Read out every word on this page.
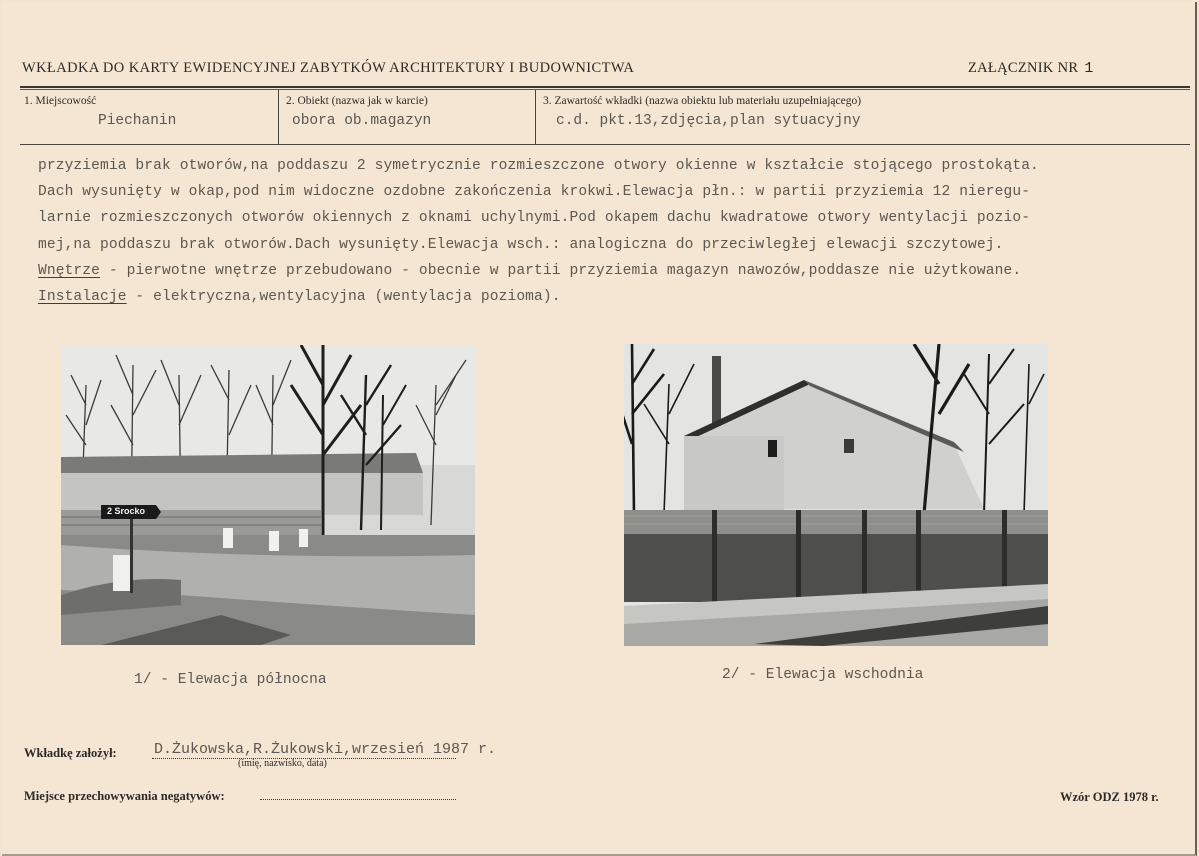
WKŁADKA DO KARTY EWIDENCYJNEJ ZABYTKÓW ARCHITEKTURY I BUDOWNICTWA	ZAŁĄCZNIK NR 1
1. Miejscowość
Piechanin
2. Obiekt (nazwa jak w karcie)
obora ob.magazyn
3. Zawartość wkładki (nazwa obiektu lub materiału uzupełniającego)
c.d. pkt.13,zdjęcia,plan sytuacyjny
przyziemia brak otworów,na poddaszu 2 symetrycznie rozmieszczone otwory okienne w kształcie stojącego prostokąta.
Dach wysunięty w okap,pod nim widoczne ozdobne zakończenia krokwi.Elewacja płn.: w partii przyziemia 12 nieregu-
larnie rozmieszczonych otworów okiennych z oknami uchylnymi.Pod okapem dachu kwadratowe otwory wentylacji pozio-
mej,na poddaszu brak otworów.Dach wysunięty.Elewacja wsch.: analogiczna do przeciwległej elewacji szczytowej.
Wnętrze - pierwotne wnętrze przebudowano - obecnie w partii przyziemia magazyn nawozów,poddasze nie użytkowane.
Instalacje - elektryczna,wentylacyjna (wentylacja pozioma).
2 Srocko
1/ - Elewacja północna	2/ - Elewacja wschodnia
Wkładkę założył: D.Żukowska,R.Żukowski,wrzesień 1987 r.
(imię, nazwisko, data)
Miejsce przechowywania negatywów:	Wzór ODZ 1978 r.
